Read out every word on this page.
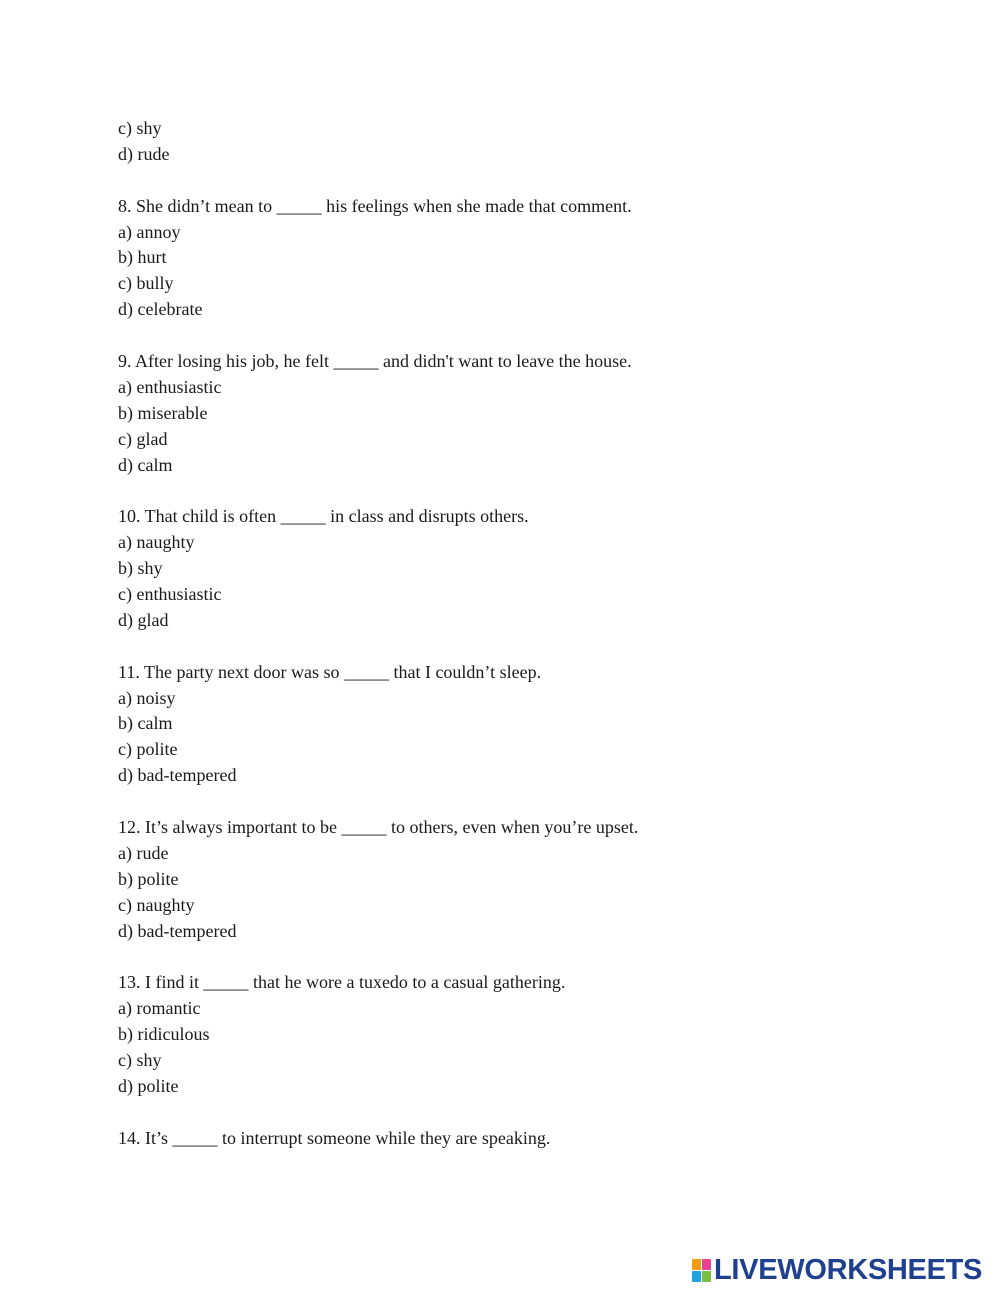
c) shy
d) rude
8. She didn’t mean to _____ his feelings when she made that comment.
a) annoy
b) hurt
c) bully
d) celebrate
9. After losing his job, he felt _____ and didn't want to leave the house.
a) enthusiastic
b) miserable
c) glad
d) calm
10. That child is often _____ in class and disrupts others.
a) naughty
b) shy
c) enthusiastic
d) glad
11. The party next door was so _____ that I couldn’t sleep.
a) noisy
b) calm
c) polite
d) bad-tempered
12. It’s always important to be _____ to others, even when you’re upset.
a) rude
b) polite
c) naughty
d) bad-tempered
13. I find it _____ that he wore a tuxedo to a casual gathering.
a) romantic
b) ridiculous
c) shy
d) polite
14. It’s _____ to interrupt someone while they are speaking.
LIVEWORKSHEETS
